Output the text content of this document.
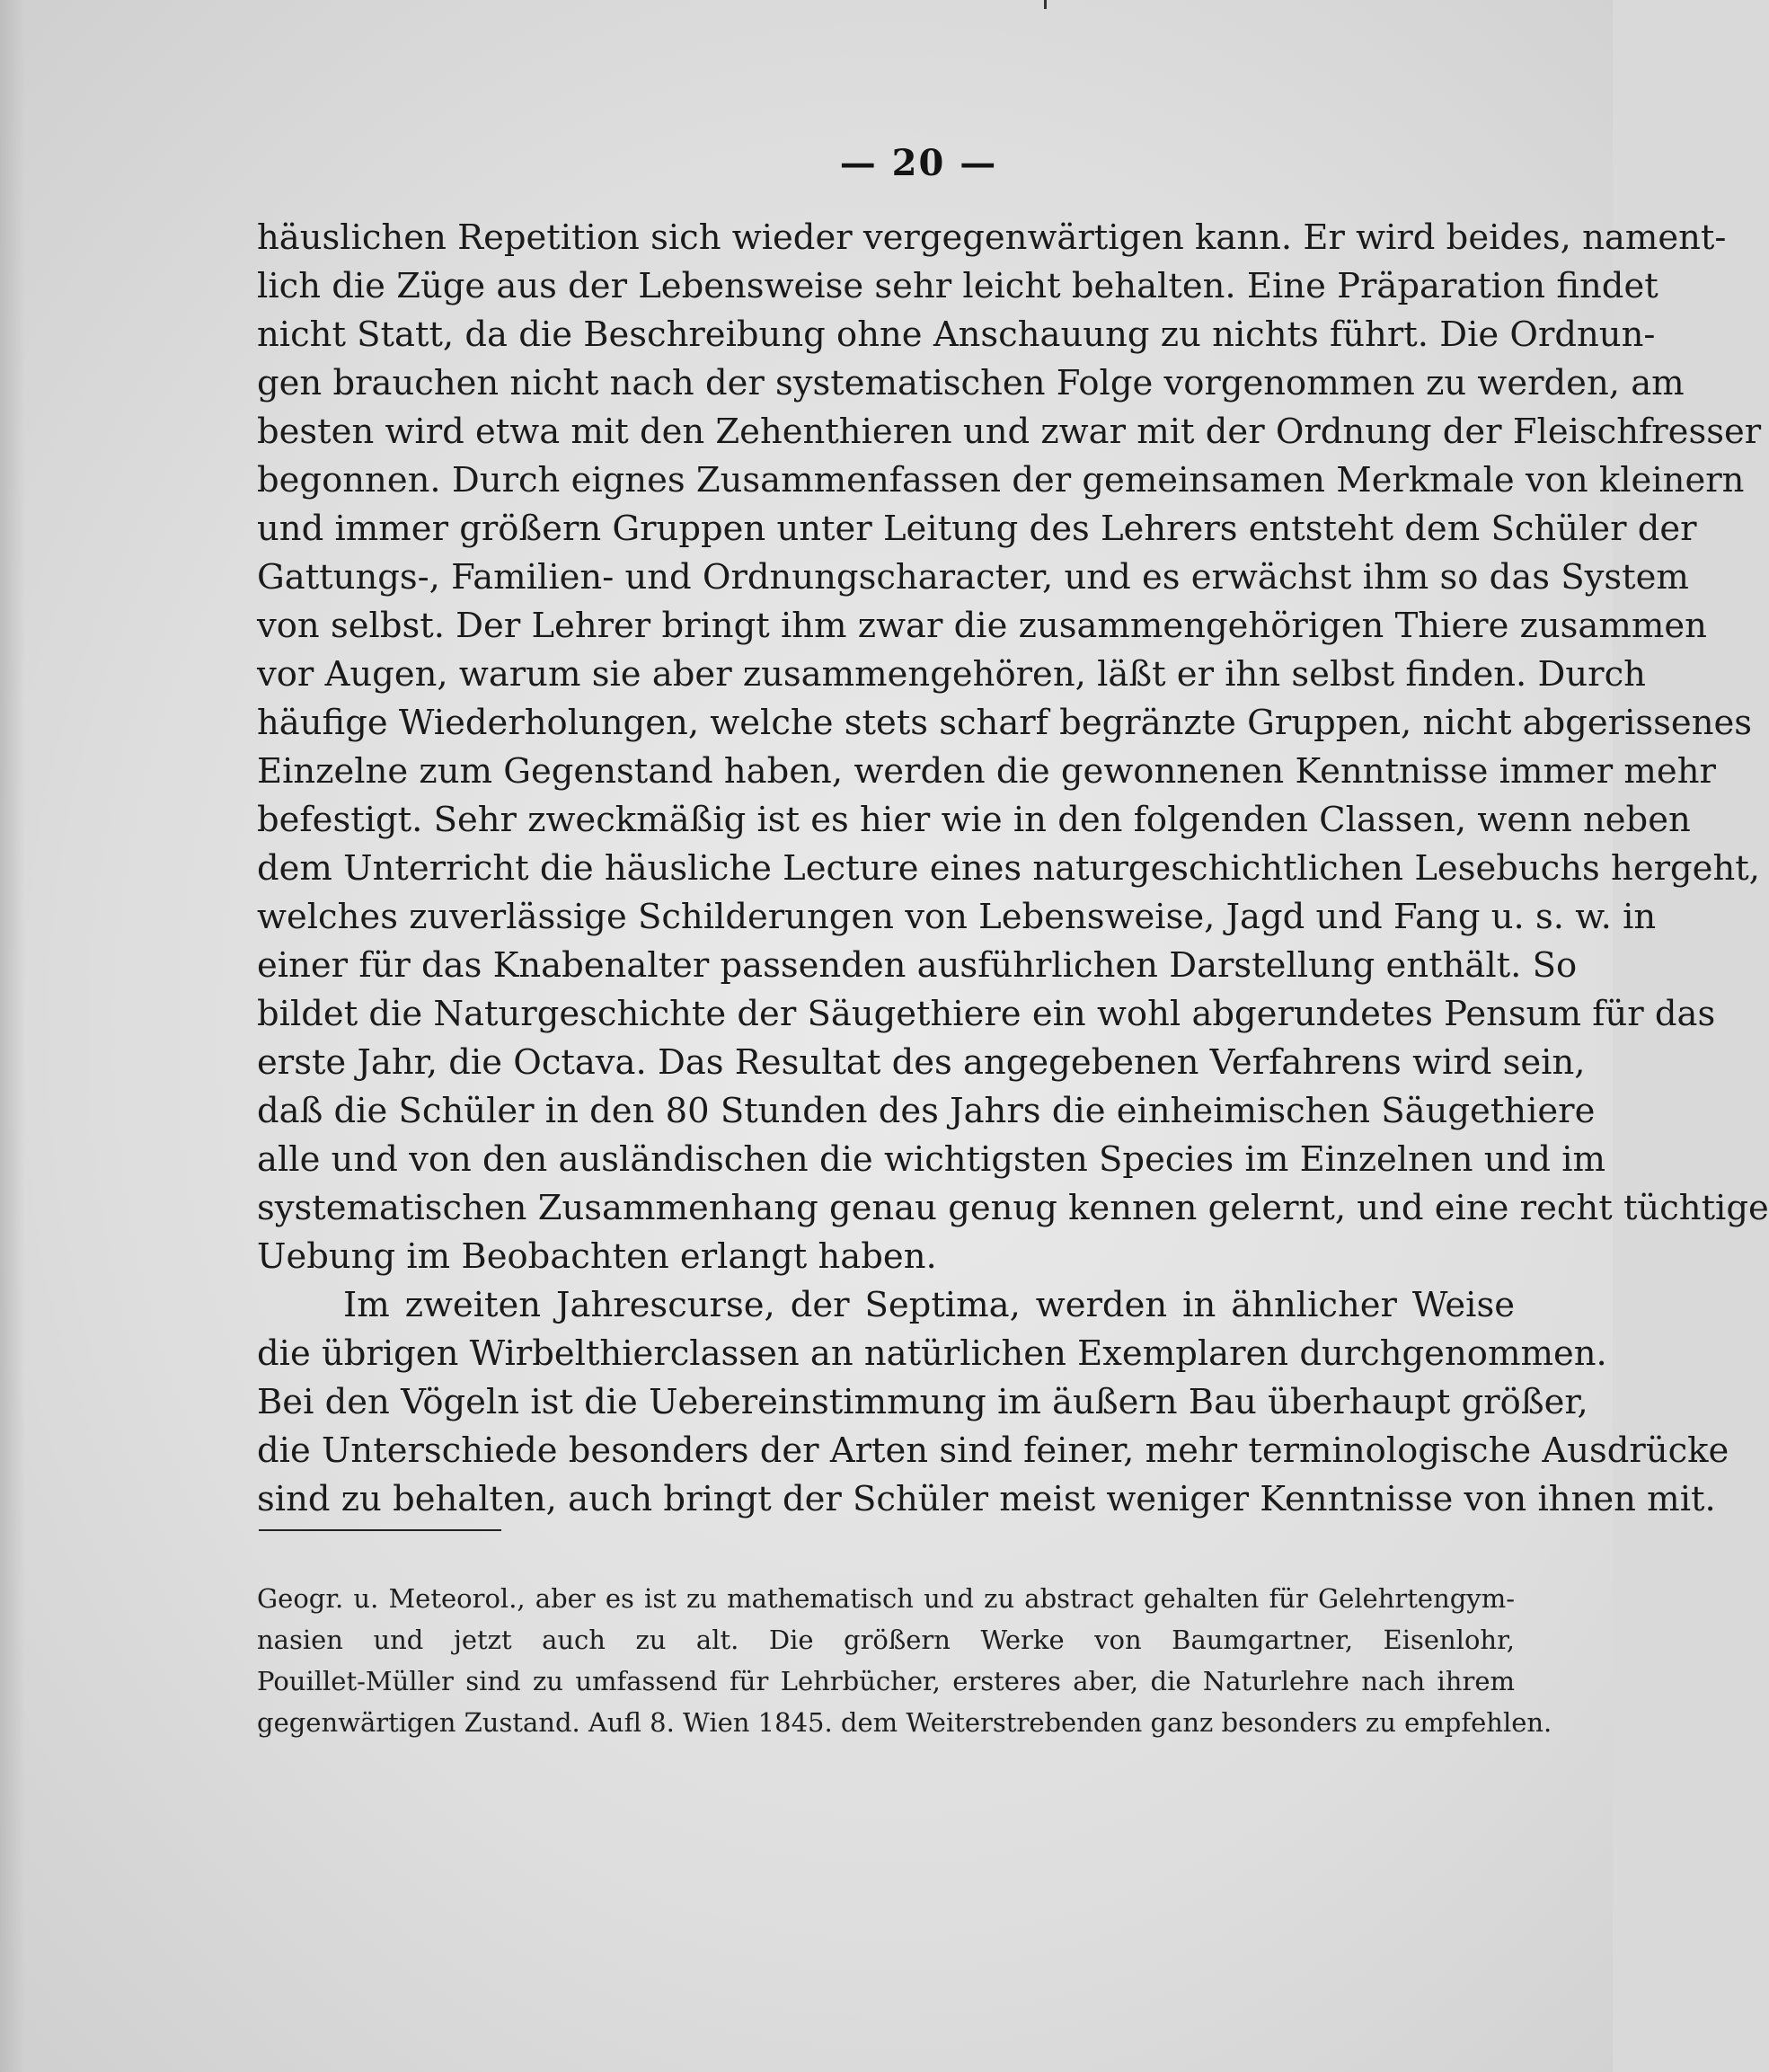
— 20 —
häuslichen Repetition sich wieder vergegenwärtigen kann. Er wird beides, nament-
lich die Züge aus der Lebensweise sehr leicht behalten. Eine Präparation findet
nicht Statt, da die Beschreibung ohne Anschauung zu nichts führt. Die Ordnun-
gen brauchen nicht nach der systematischen Folge vorgenommen zu werden, am
besten wird etwa mit den Zehenthieren und zwar mit der Ordnung der Fleischfresser
begonnen. Durch eignes Zusammenfassen der gemeinsamen Merkmale von kleinern
und immer größern Gruppen unter Leitung des Lehrers entsteht dem Schüler der
Gattungs-, Familien- und Ordnungscharacter, und es erwächst ihm so das System
von selbst. Der Lehrer bringt ihm zwar die zusammengehörigen Thiere zusammen
vor Augen, warum sie aber zusammengehören, läßt er ihn selbst finden. Durch
häufige Wiederholungen, welche stets scharf begränzte Gruppen, nicht abgerissenes
Einzelne zum Gegenstand haben, werden die gewonnenen Kenntnisse immer mehr
befestigt. Sehr zweckmäßig ist es hier wie in den folgenden Classen, wenn neben
dem Unterricht die häusliche Lecture eines naturgeschichtlichen Lesebuchs hergeht,
welches zuverlässige Schilderungen von Lebensweise, Jagd und Fang u. s. w. in
einer für das Knabenalter passenden ausführlichen Darstellung enthält. So
bildet die Naturgeschichte der Säugethiere ein wohl abgerundetes Pensum für das
erste Jahr, die Octava. Das Resultat des angegebenen Verfahrens wird sein,
daß die Schüler in den 80 Stunden des Jahrs die einheimischen Säugethiere
alle und von den ausländischen die wichtigsten Species im Einzelnen und im
systematischen Zusammenhang genau genug kennen gelernt, und eine recht tüchtige
Uebung im Beobachten erlangt haben.
Im zweiten Jahrescurse, der Septima, werden in ähnlicher Weise
die übrigen Wirbelthierclassen an natürlichen Exemplaren durchgenommen.
Bei den Vögeln ist die Uebereinstimmung im äußern Bau überhaupt größer,
die Unterschiede besonders der Arten sind feiner, mehr terminologische Ausdrücke
sind zu behalten, auch bringt der Schüler meist weniger Kenntnisse von ihnen mit.
Geogr. u. Meteorol., aber es ist zu mathematisch und zu abstract gehalten für Gelehrtengym-
nasien und jetzt auch zu alt. Die größern Werke von Baumgartner, Eisenlohr,
Pouillet-Müller sind zu umfassend für Lehrbücher, ersteres aber, die Naturlehre nach ihrem
gegenwärtigen Zustand. Aufl 8. Wien 1845. dem Weiterstrebenden ganz besonders zu empfehlen.
